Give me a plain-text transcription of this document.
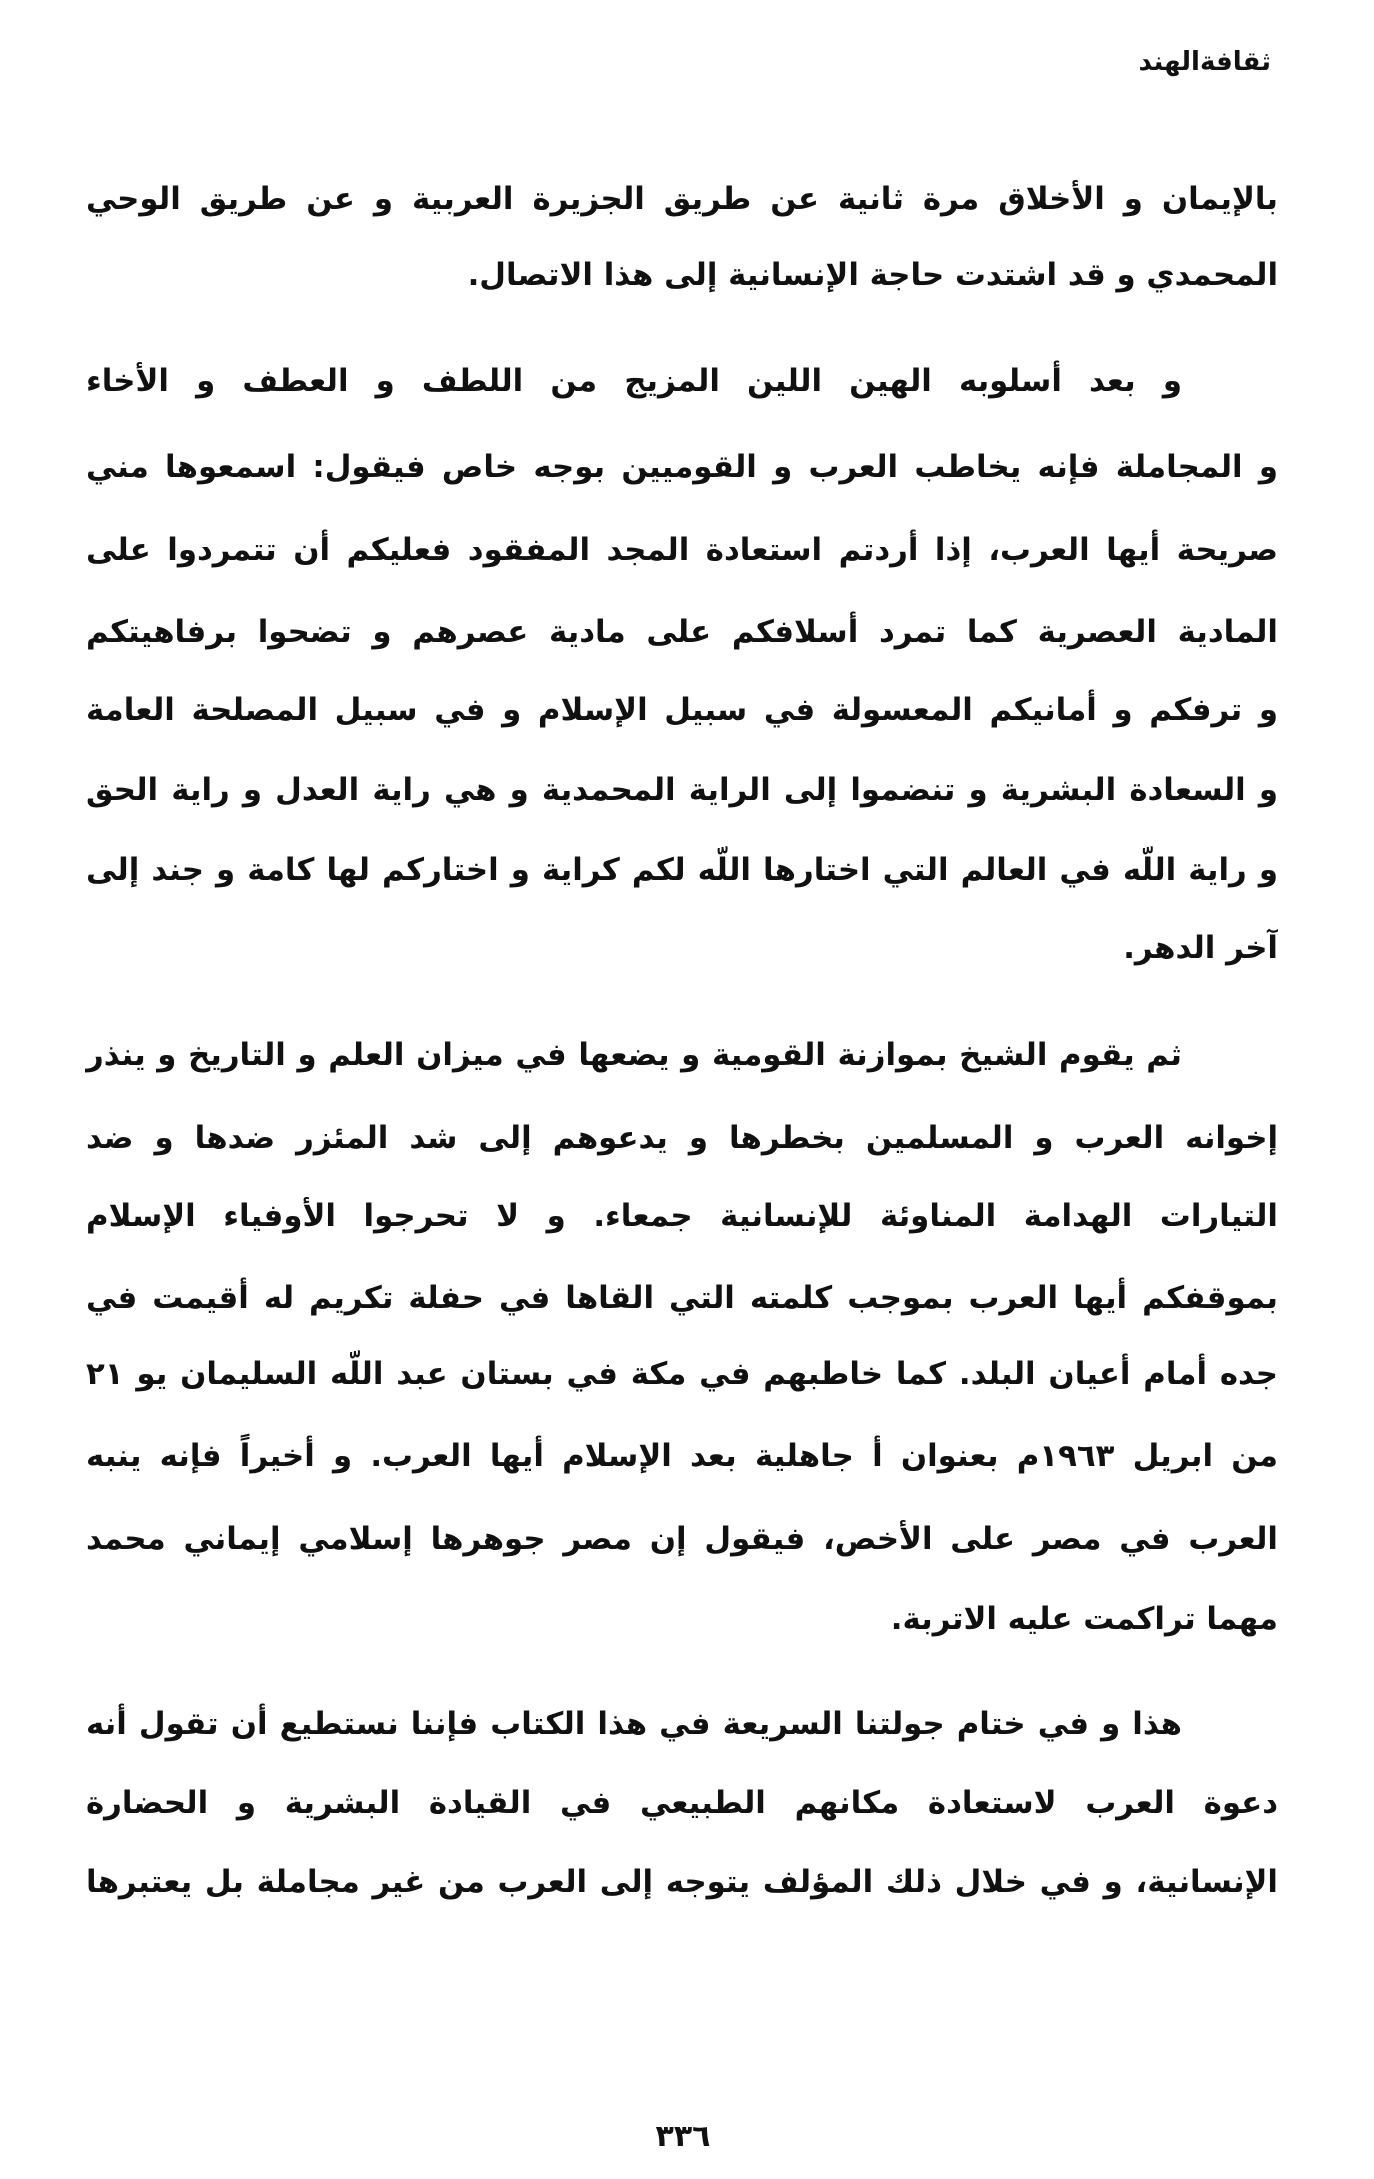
ثقافةالهند
بالإيمان و الأخلاق مرة ثانية عن طريق الجزيرة العربية و عن طريق الوحي
المحمدي و قد اشتدت حاجة الإنسانية إلى هذا الاتصال.
و بعد أسلوبه الهين اللين المزيج من اللطف و العطف و الأخاء
و المجاملة فإنه يخاطب العرب و القوميين بوجه خاص فيقول: اسمعوها مني
صريحة أيها العرب، إذا أردتم استعادة المجد المفقود فعليكم أن تتمردوا على
المادية العصرية كما تمرد أسلافكم على مادية عصرهم و تضحوا برفاهيتكم
و ترفكم و أمانيكم المعسولة في سبيل الإسلام و في سبيل المصلحة العامة
و السعادة البشرية و تنضموا إلى الراية المحمدية و هي راية العدل و راية الحق
و راية اللّه في العالم التي اختارها اللّه لكم كراية و اختاركم لها كامة و جند إلى
آخر الدهر.
ثم يقوم الشيخ بموازنة القومية و يضعها في ميزان العلم و التاريخ و ينذر
إخوانه العرب و المسلمين بخطرها و يدعوهم إلى شد المئزر ضدها و ضد
التيارات الهدامة المناوئة للإنسانية جمعاء. و لا تحرجوا الأوفياء الإسلام
بموقفكم أيها العرب بموجب كلمته التي القاها في حفلة تكريم له أقيمت في
جده أمام أعيان البلد. كما خاطبهم في مكة في بستان عبد اللّه السليمان يو ٢١
من ابريل ١٩٦٣م بعنوان أ جاهلية بعد الإسلام أيها العرب. و أخيراً فإنه ينبه
العرب في مصر على الأخص، فيقول إن مصر جوهرها إسلامي إيماني محمد
مهما تراكمت عليه الاتربة.
هذا و في ختام جولتنا السريعة في هذا الكتاب فإننا نستطيع أن تقول أنه
دعوة العرب لاستعادة مكانهم الطبيعي في القيادة البشرية و الحضارة
الإنسانية، و في خلال ذلك المؤلف يتوجه إلى العرب من غير مجاملة بل يعتبرها
٣٣٦
